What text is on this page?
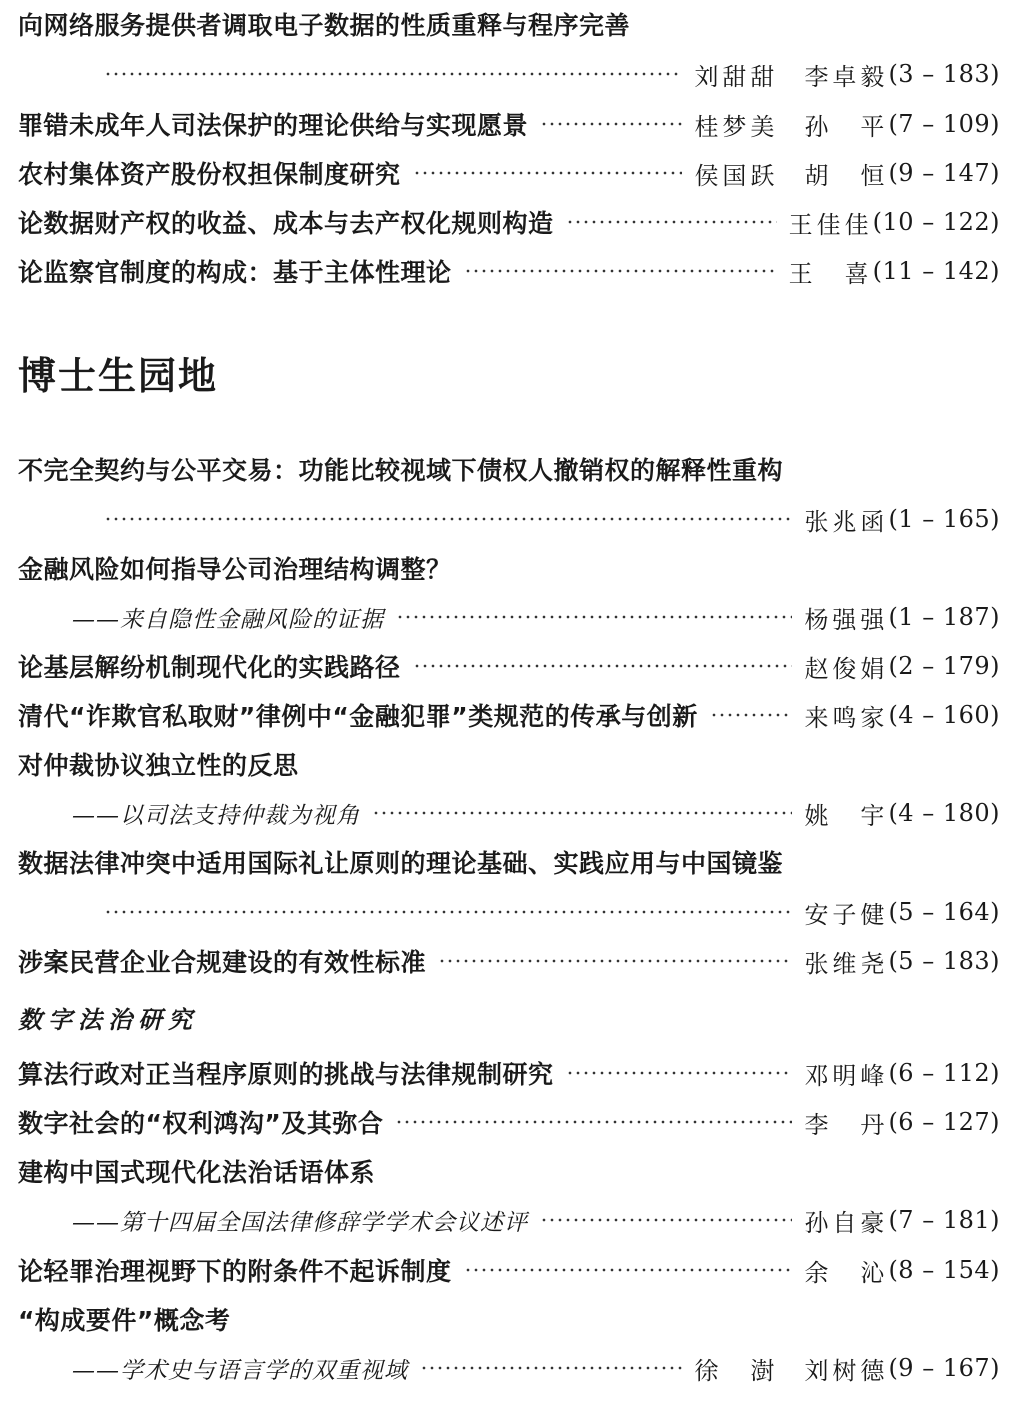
向网络服务提供者调取电子数据的性质重释与程序完善
刘甜甜 李卓毅 (3 – 183)
罪错未成年人司法保护的理论供给与实现愿景	桂梦美 孙　平 (7 – 109)
农村集体资产股份权担保制度研究	侯国跃 胡　恒 (9 – 147)
论数据财产权的收益、成本与去产权化规则构造	王佳佳 (10 – 122)
论监察官制度的构成：基于主体性理论	王　喜 (11 – 142)
博士生园地
不完全契约与公平交易：功能比较视域下债权人撤销权的解释性重构
张兆函 (1 – 165)
金融风险如何指导公司治理结构调整？
——来自隐性金融风险的证据	杨强强 (1 – 187)
论基层解纷机制现代化的实践路径	赵俊娟 (2 – 179)
清代“诈欺官私取财”律例中“金融犯罪”类规范的传承与创新	来鸣家 (4 – 160)
对仲裁协议独立性的反思
——以司法支持仲裁为视角	姚　宇 (4 – 180)
数据法律冲突中适用国际礼让原则的理论基础、实践应用与中国镜鉴
安子健 (5 – 164)
涉案民营企业合规建设的有效性标准	张维尧 (5 – 183)
数字法治研究
算法行政对正当程序原则的挑战与法律规制研究	邓明峰 (6 – 112)
数字社会的“权利鸿沟”及其弥合	李　丹 (6 – 127)
建构中国式现代化法治话语体系
——第十四届全国法律修辞学学术会议述评	孙自豪 (7 – 181)
论轻罪治理视野下的附条件不起诉制度	余　沁 (8 – 154)
“构成要件”概念考
——学术史与语言学的双重视域	徐　澍 刘树德 (9 – 167)
